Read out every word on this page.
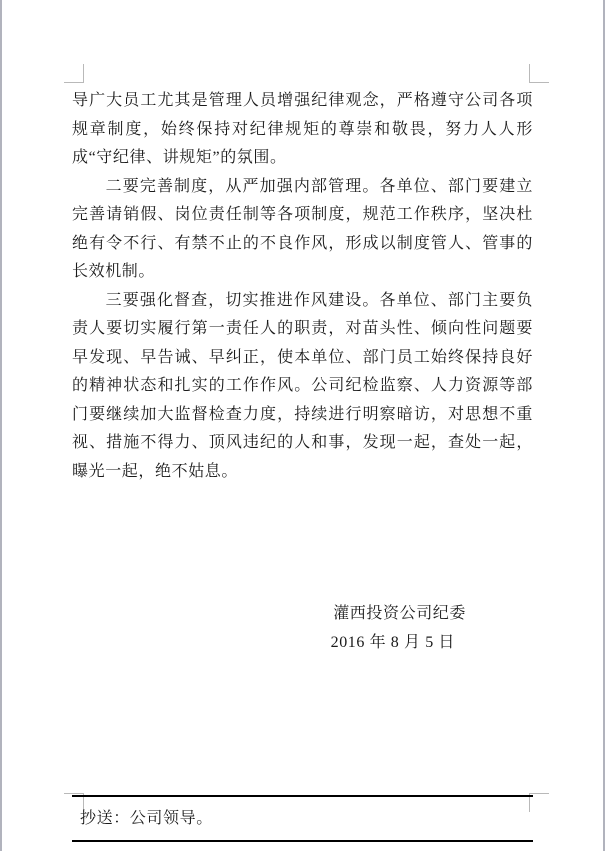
导广大员工尤其是管理人员增强纪律观念，严格遵守公司各项规章制度，始终保持对纪律规矩的尊崇和敬畏，努力人人形成“守纪律、讲规矩”的氛围。

二要完善制度，从严加强内部管理。各单位、部门要建立完善请销假、岗位责任制等各项制度，规范工作秩序，坚决杜绝有令不行、有禁不止的不良作风，形成以制度管人、管事的长效机制。

三要强化督查，切实推进作风建设。各单位、部门主要负责人要切实履行第一责任人的职责，对苗头性、倾向性问题要早发现、早告诫、早纠正，使本单位、部门员工始终保持良好的精神状态和扎实的工作作风。公司纪检监察、人力资源等部门要继续加大监督检查力度，持续进行明察暗访，对思想不重视、措施不得力、顶风违纪的人和事，发现一起，查处一起，曝光一起，绝不姑息。

灌西投资公司纪委
2016 年 8 月 5 日
抄送：公司领导。
